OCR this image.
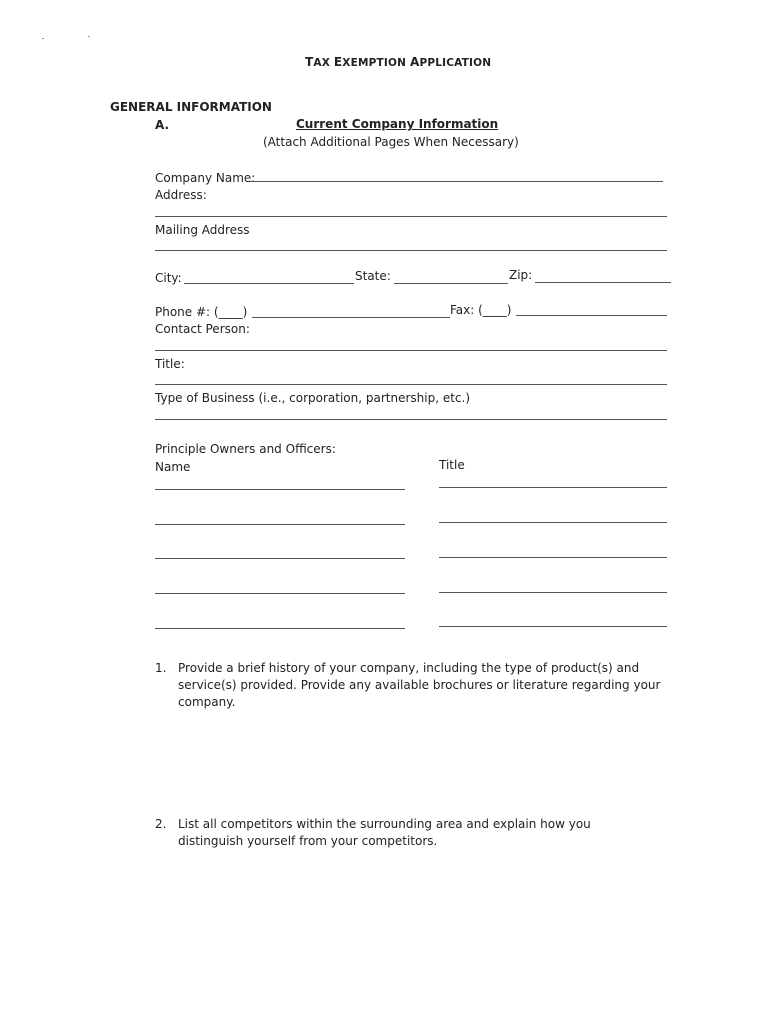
TAX EXEMPTION APPLICATION
GENERAL INFORMATION
A.	Current Company Information
(Attach Additional Pages When Necessary)
Company Name:
Address:
Mailing Address
City:	State:	Zip:
Phone #: (____)	Fax: (____)
Contact Person:
Title:
Type of Business (i.e., corporation, partnership, etc.)
Principle Owners and Officers:
Name	Title
1. Provide a brief history of your company, including the type of product(s) and service(s) provided. Provide any available brochures or literature regarding your company.
2. List all competitors within the surrounding area and explain how you distinguish yourself from your competitors.
